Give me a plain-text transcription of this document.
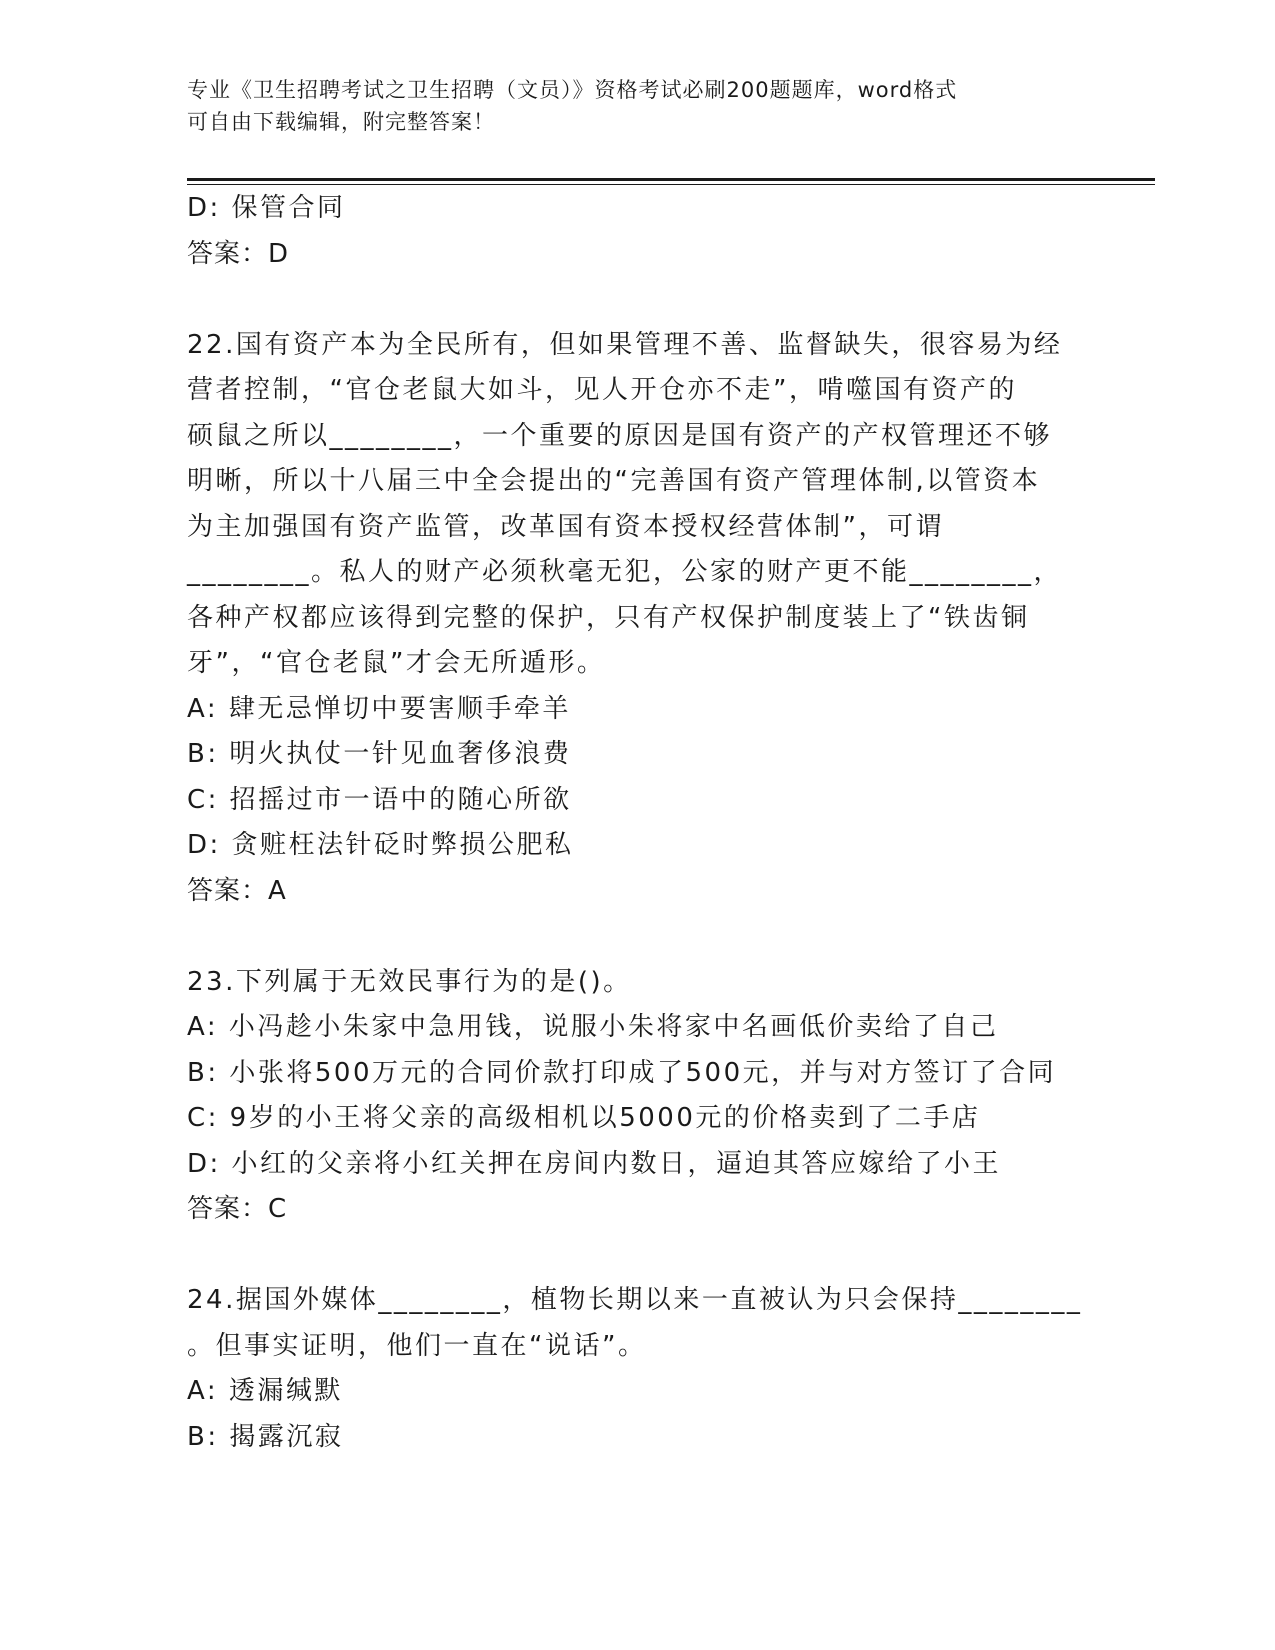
专业《卫生招聘考试之卫生招聘（文员）》资格考试必刷200题题库，word格式
可自由下载编辑，附完整答案！
D: 保管合同
答案：D
22.国有资产本为全民所有，但如果管理不善、监督缺失，很容易为经
营者控制，“官仓老鼠大如斗，见人开仓亦不走”，啃噬国有资产的
硕鼠之所以________，一个重要的原因是国有资产的产权管理还不够
明晰，所以十八届三中全会提出的“完善国有资产管理体制,以管资本
为主加强国有资产监管，改革国有资本授权经营体制”，可谓
________。私人的财产必须秋毫无犯，公家的财产更不能________，
各种产权都应该得到完整的保护，只有产权保护制度装上了“铁齿铜
牙”，“官仓老鼠”才会无所遁形。
A: 肆无忌惮切中要害顺手牵羊
B: 明火执仗一针见血奢侈浪费
C: 招摇过市一语中的随心所欲
D: 贪赃枉法针砭时弊损公肥私
答案：A
23.下列属于无效民事行为的是()。
A: 小冯趁小朱家中急用钱，说服小朱将家中名画低价卖给了自己
B: 小张将500万元的合同价款打印成了500元，并与对方签订了合同
C: 9岁的小王将父亲的高级相机以5000元的价格卖到了二手店
D: 小红的父亲将小红关押在房间内数日，逼迫其答应嫁给了小王
答案：C
24.据国外媒体________，植物长期以来一直被认为只会保持________
。但事实证明，他们一直在“说话”。
A: 透漏缄默
B: 揭露沉寂
